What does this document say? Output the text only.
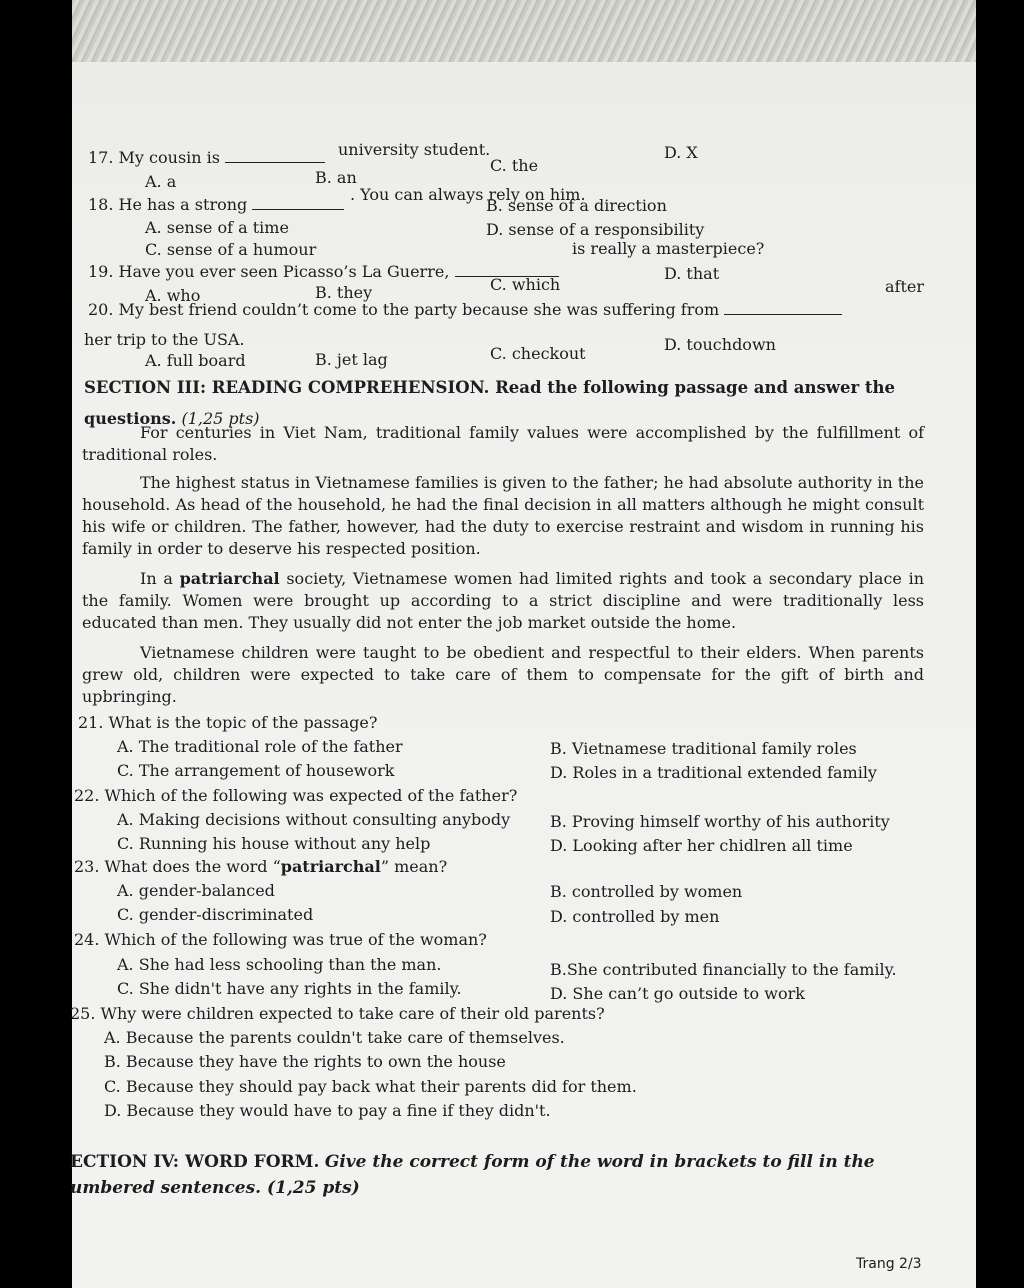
17. My cousin is	university student.
A. a	B. an
C. the
D. X
18. He has a strong
. You can always rely on him.
A. sense of a time
B. sense of a direction
C. sense of a humour
D. sense of a responsibility
19. Have you ever seen Picasso’s La Guerre,
is really a masterpiece?
A. who	B. they	C. which
D. that
20. My best friend couldn’t come to the party because she was suffering from
after
her trip to the USA.
A. full board	B. jet lag	C. checkout	D. touchdown
SECTION III: READING COMPREHENSION. Read the following passage and answer the
questions. (1,25 pts)
For centuries in Viet Nam, traditional family values were accomplished by the fulfillment of traditional roles.
The highest status in Vietnamese families is given to the father; he had absolute authority in the household. As head of the household, he had the final decision in all matters although he might consult his wife or children. The father, however, had the duty to exercise restraint and wisdom in running his family in order to deserve his respected position.
In a patriarchal society, Vietnamese women had limited rights and took a secondary place in the family. Women were brought up according to a strict discipline and were traditionally less educated than men. They usually did not enter the job market outside the home.
Vietnamese children were taught to be obedient and respectful to their elders. When parents grew old, children were expected to take care of them to compensate for the gift of birth and upbringing.
21. What is the topic of the passage?
A. The traditional role of the father	B. Vietnamese traditional family roles
C. The arrangement of housework	D. Roles in a traditional extended family
22. Which of the following was expected of the father?
A. Making decisions without consulting anybody B. Proving himself worthy of his authority
C. Running his house without any help	D. Looking after her chidlren all time
23. What does the word “patriarchal” mean?
A. gender-balanced	B. controlled by women
C. gender-discriminated	D. controlled by men
24. Which of the following was true of the woman?
A. She had less schooling than the man.	B.She contributed financially to the family.
C. She didn't have any rights in the family.	D. She can’t go outside to work
25. Why were children expected to take care of their old parents?
A. Because the parents couldn't take care of themselves.
B. Because they have the rights to own the house
C. Because they should pay back what their parents did for them.
D. Because they would have to pay a fine if they didn't.
ECTION IV: WORD FORM. Give the correct form of the word in brackets to fill in the
umbered sentences. (1,25 pts)
Trang 2/3
